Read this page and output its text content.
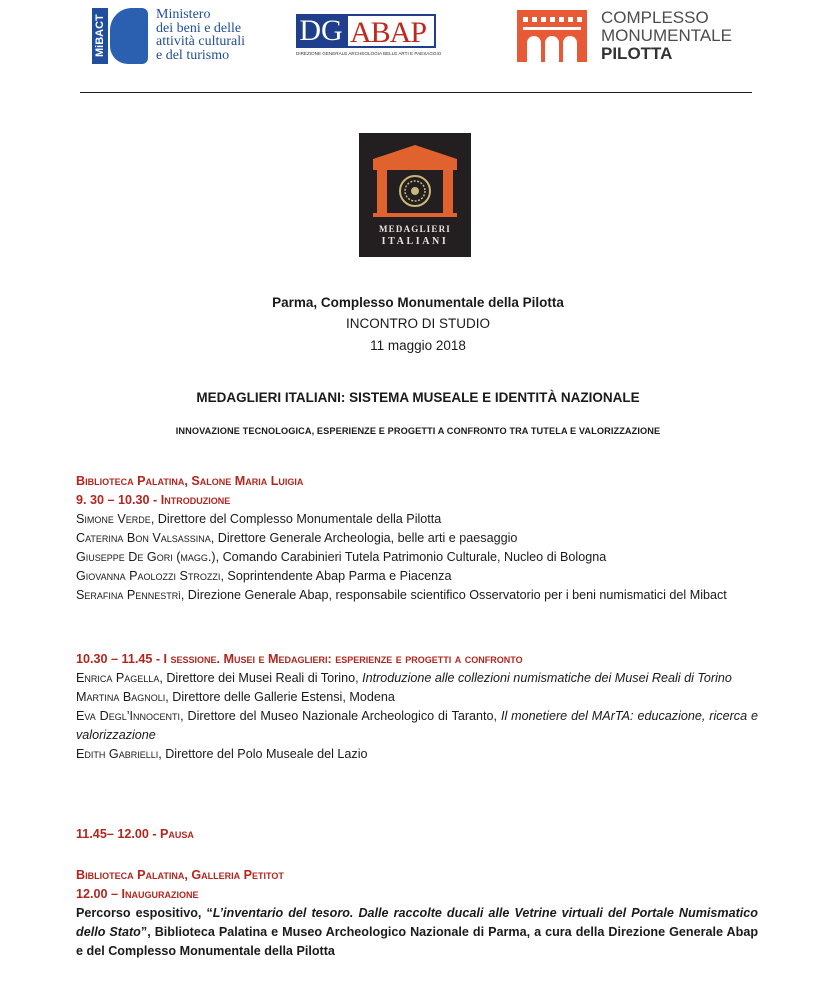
MiBACT
Ministero
dei beni e delle
attività culturali
e del turismo
DG ABAP
DIREZIONE GENERALE ARCHEOLOGIA BELLE ARTI E PAESAGGIO
COMPLESSO
MONUMENTALE
PILOTTA
MEDAGLIERI
ITALIANI
Parma, Complesso Monumentale della Pilotta
INCONTRO DI STUDIO
11 maggio 2018
MEDAGLIERI ITALIANI: SISTEMA MUSEALE E IDENTITÀ NAZIONALE
INNOVAZIONE TECNOLOGICA, ESPERIENZE E PROGETTI A CONFRONTO TRA TUTELA E VALORIZZAZIONE
Biblioteca Palatina, Salone Maria Luigia
9. 30 – 10.30 - Introduzione
Simone Verde, Direttore del Complesso Monumentale della Pilotta
Caterina Bon Valsassina, Direttore Generale Archeologia, belle arti e paesaggio
Giuseppe De Gori (magg.), Comando Carabinieri Tutela Patrimonio Culturale, Nucleo di Bologna
Giovanna Paolozzi Strozzi, Soprintendente Abap Parma e Piacenza
Serafina Pennestrì, Direzione Generale Abap, responsabile scientifico Osservatorio per i beni numismatici del Mibact
10.30 – 11.45 - I sessione. Musei e Medaglieri: esperienze e progetti a confronto
Enrica Pagella, Direttore dei Musei Reali di Torino, Introduzione alle collezioni numismatiche dei Musei Reali di Torino
Martina Bagnoli, Direttore delle Gallerie Estensi, Modena
Eva Degl’Innocenti, Direttore del Museo Nazionale Archeologico di Taranto, Il monetiere del MArTA: educazione, ricerca e valorizzazione
Edith Gabrielli, Direttore del Polo Museale del Lazio
11.45– 12.00 - Pausa
Biblioteca Palatina, Galleria Petitot
12.00 – Inaugurazione
Percorso espositivo, “L’inventario del tesoro. Dalle raccolte ducali alle Vetrine virtuali del Portale Numismatico dello Stato”, Biblioteca Palatina e Museo Archeologico Nazionale di Parma, a cura della Direzione Generale Abap e del Complesso Monumentale della Pilotta
